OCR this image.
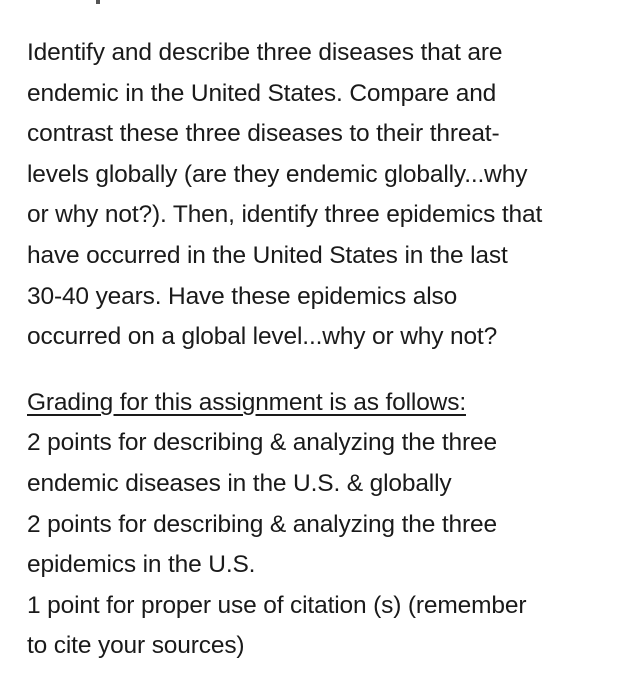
Identify and describe three diseases that are
endemic in the United States. Compare and
contrast these three diseases to their threat-
levels globally (are they endemic globally...why
or why not?). Then, identify three epidemics that
have occurred in the United States in the last
30-40 years. Have these epidemics also
occurred on a global level...why or why not?

Grading for this assignment is as follows:
2 points for describing & analyzing the three
endemic diseases in the U.S. & globally
2 points for describing & analyzing the three
epidemics in the U.S.
1 point for proper use of citation (s) (remember
to cite your sources)
